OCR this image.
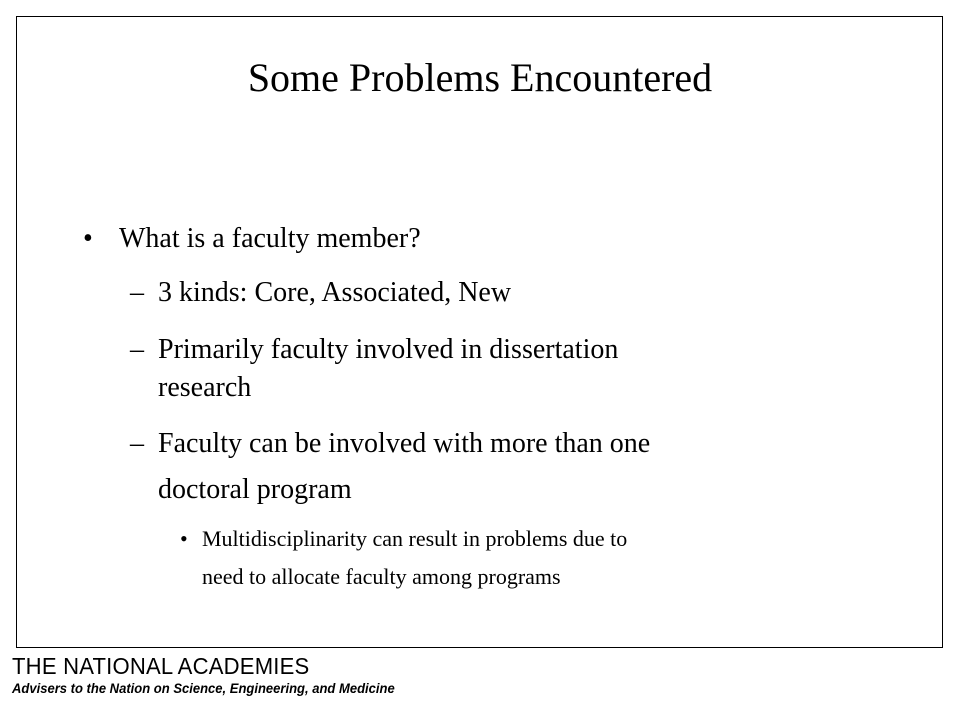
Some Problems Encountered
• What is a faculty member?
– 3 kinds: Core, Associated, New
– Primarily faculty involved in dissertation
research
– Faculty can be involved with more than one
doctoral program
• Multidisciplinarity can result in problems due to
need to allocate faculty among programs
THE NATIONAL ACADEMIES
Advisers to the Nation on Science, Engineering, and Medicine
